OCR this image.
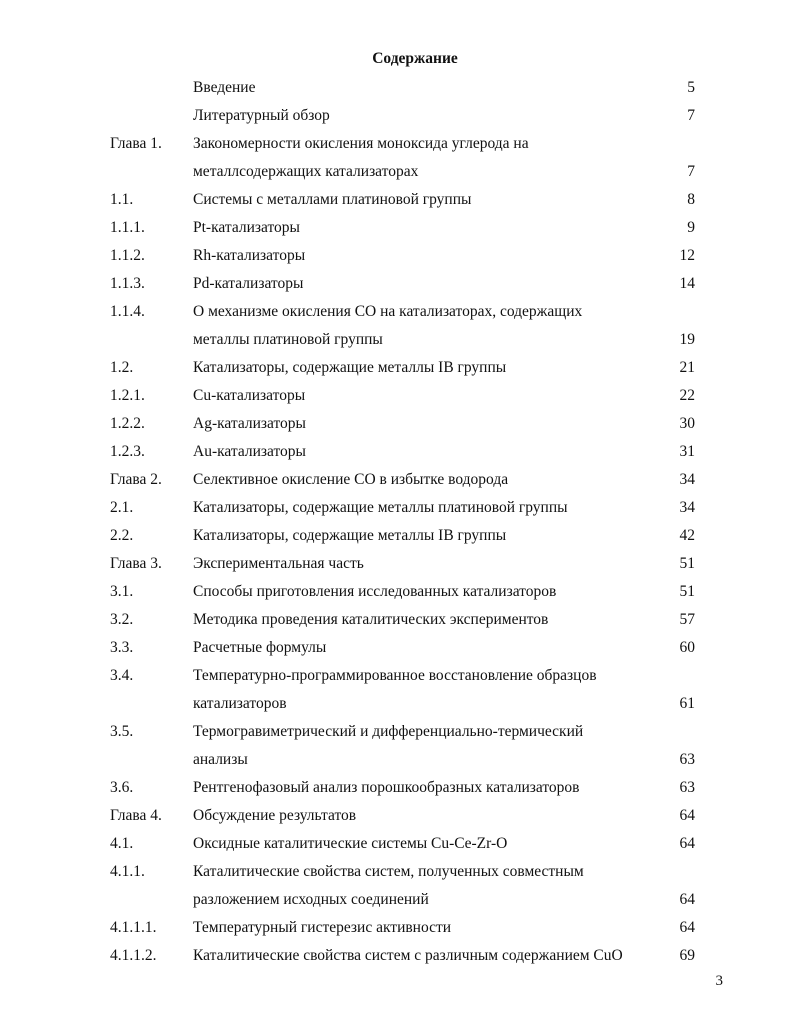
Содержание
Введение	5
Литературный обзор	7
Глава 1. Закономерности окисления моноксида углерода на
металлсодержащих катализаторах	7
1.1.	Системы с металлами платиновой группы	8
1.1.1.	Pt-катализаторы	9
1.1.2.	Rh-катализаторы	12
1.1.3.	Pd-катализаторы	14
1.1.4.	О механизме окисления СО на катализаторах, содержащих
металлы платиновой группы	19
1.2.	Катализаторы, содержащие металлы IB группы	21
1.2.1.	Cu-катализаторы	22
1.2.2.	Ag-катализаторы	30
1.2.3.	Au-катализаторы	31
Глава 2. Селективное окисление СО в избытке водорода	34
2.1.	Катализаторы, содержащие металлы платиновой группы	34
2.2.	Катализаторы, содержащие металлы IB группы	42
Глава 3. Экспериментальная часть	51
3.1.	Способы приготовления исследованных катализаторов	51
3.2.	Методика проведения каталитических экспериментов	57
3.3.	Расчетные формулы	60
3.4.	Температурно-программированное восстановление образцов
катализаторов	61
3.5.	Термогравиметрический и дифференциально-термический
анализы	63
3.6.	Рентгенофазовый анализ порошкообразных катализаторов	63
Глава 4. Обсуждение результатов	64
4.1.	Оксидные каталитические системы Cu-Ce-Zr-O	64
4.1.1.	Каталитические свойства систем, полученных совместным
разложением исходных соединений	64
4.1.1.1. Температурный гистерезис активности	64
4.1.1.2. Каталитические свойства систем с различным содержанием CuO	69
3
